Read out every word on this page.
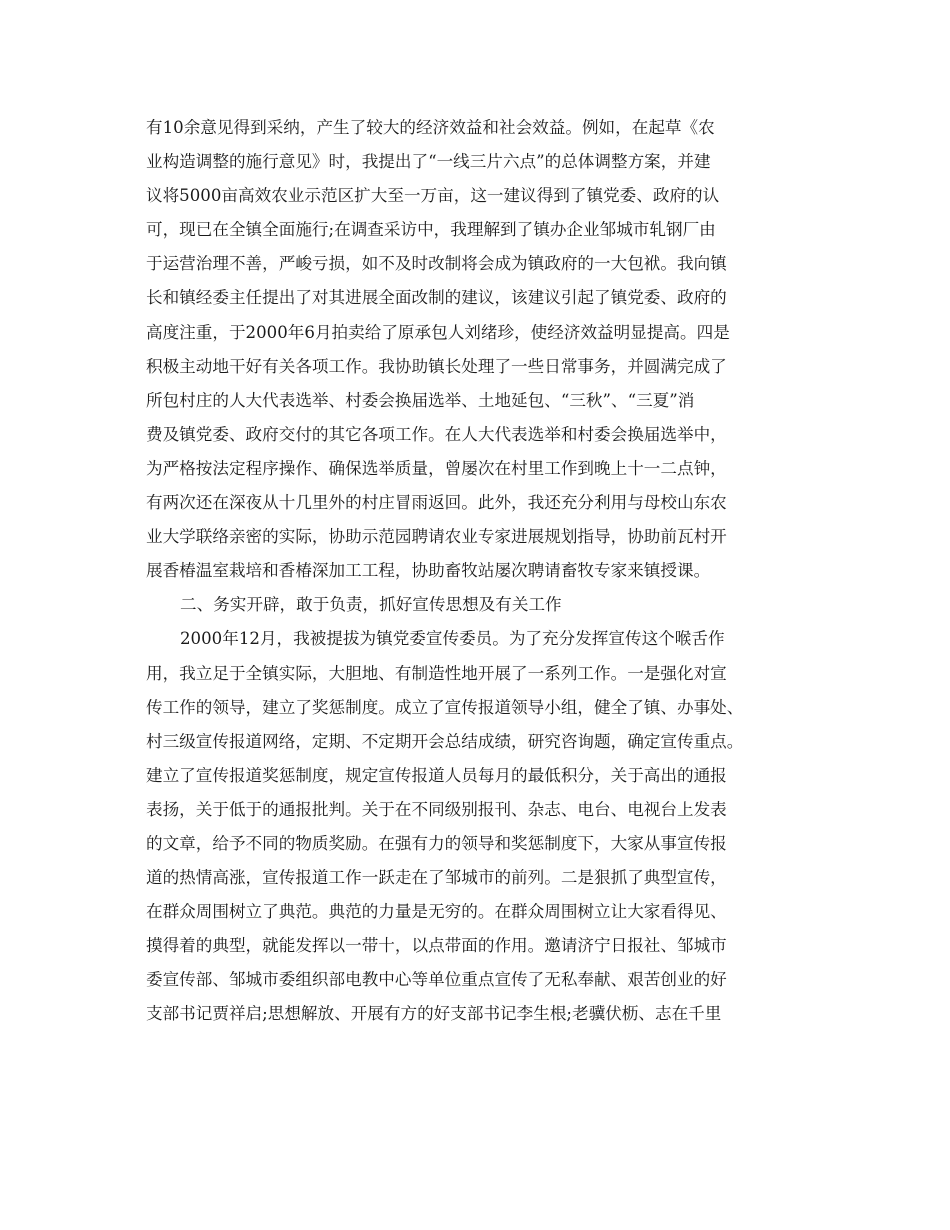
有10余意见得到采纳，产生了较大的经济效益和社会效益。例如，在起草《农
业构造调整的施行意见》时，我提出了“一线三片六点”的总体调整方案，并建
议将5000亩高效农业示范区扩大至一万亩，这一建议得到了镇党委、政府的认
可，现已在全镇全面施行;在调查采访中，我理解到了镇办企业邹城市轧钢厂由
于运营治理不善，严峻亏损，如不及时改制将会成为镇政府的一大包袱。我向镇
长和镇经委主任提出了对其进展全面改制的建议，该建议引起了镇党委、政府的
高度注重，于2000年6月拍卖给了原承包人刘绪珍，使经济效益明显提高。四是
积极主动地干好有关各项工作。我协助镇长处理了一些日常事务，并圆满完成了
所包村庄的人大代表选举、村委会换届选举、土地延包、“三秋”、“三夏”消
费及镇党委、政府交付的其它各项工作。在人大代表选举和村委会换届选举中，
为严格按法定程序操作、确保选举质量，曾屡次在村里工作到晚上十一二点钟，
有两次还在深夜从十几里外的村庄冒雨返回。此外，我还充分利用与母校山东农
业大学联络亲密的实际，协助示范园聘请农业专家进展规划指导，协助前瓦村开
展香椿温室栽培和香椿深加工工程，协助畜牧站屡次聘请畜牧专家来镇授课。
二、务实开辟，敢于负责，抓好宣传思想及有关工作
2000年12月，我被提拔为镇党委宣传委员。为了充分发挥宣传这个喉舌作
用，我立足于全镇实际，大胆地、有制造性地开展了一系列工作。一是强化对宣
传工作的领导，建立了奖惩制度。成立了宣传报道领导小组，健全了镇、办事处、
村三级宣传报道网络，定期、不定期开会总结成绩，研究咨询题，确定宣传重点。
建立了宣传报道奖惩制度，规定宣传报道人员每月的最低积分，关于高出的通报
表扬，关于低于的通报批判。关于在不同级别报刊、杂志、电台、电视台上发表
的文章，给予不同的物质奖励。在强有力的领导和奖惩制度下，大家从事宣传报
道的热情高涨，宣传报道工作一跃走在了邹城市的前列。二是狠抓了典型宣传，
在群众周围树立了典范。典范的力量是无穷的。在群众周围树立让大家看得见、
摸得着的典型，就能发挥以一带十，以点带面的作用。邀请济宁日报社、邹城市
委宣传部、邹城市委组织部电教中心等单位重点宣传了无私奉献、艰苦创业的好
支部书记贾祥启;思想解放、开展有方的好支部书记李生根;老骥伏枥、志在千里
